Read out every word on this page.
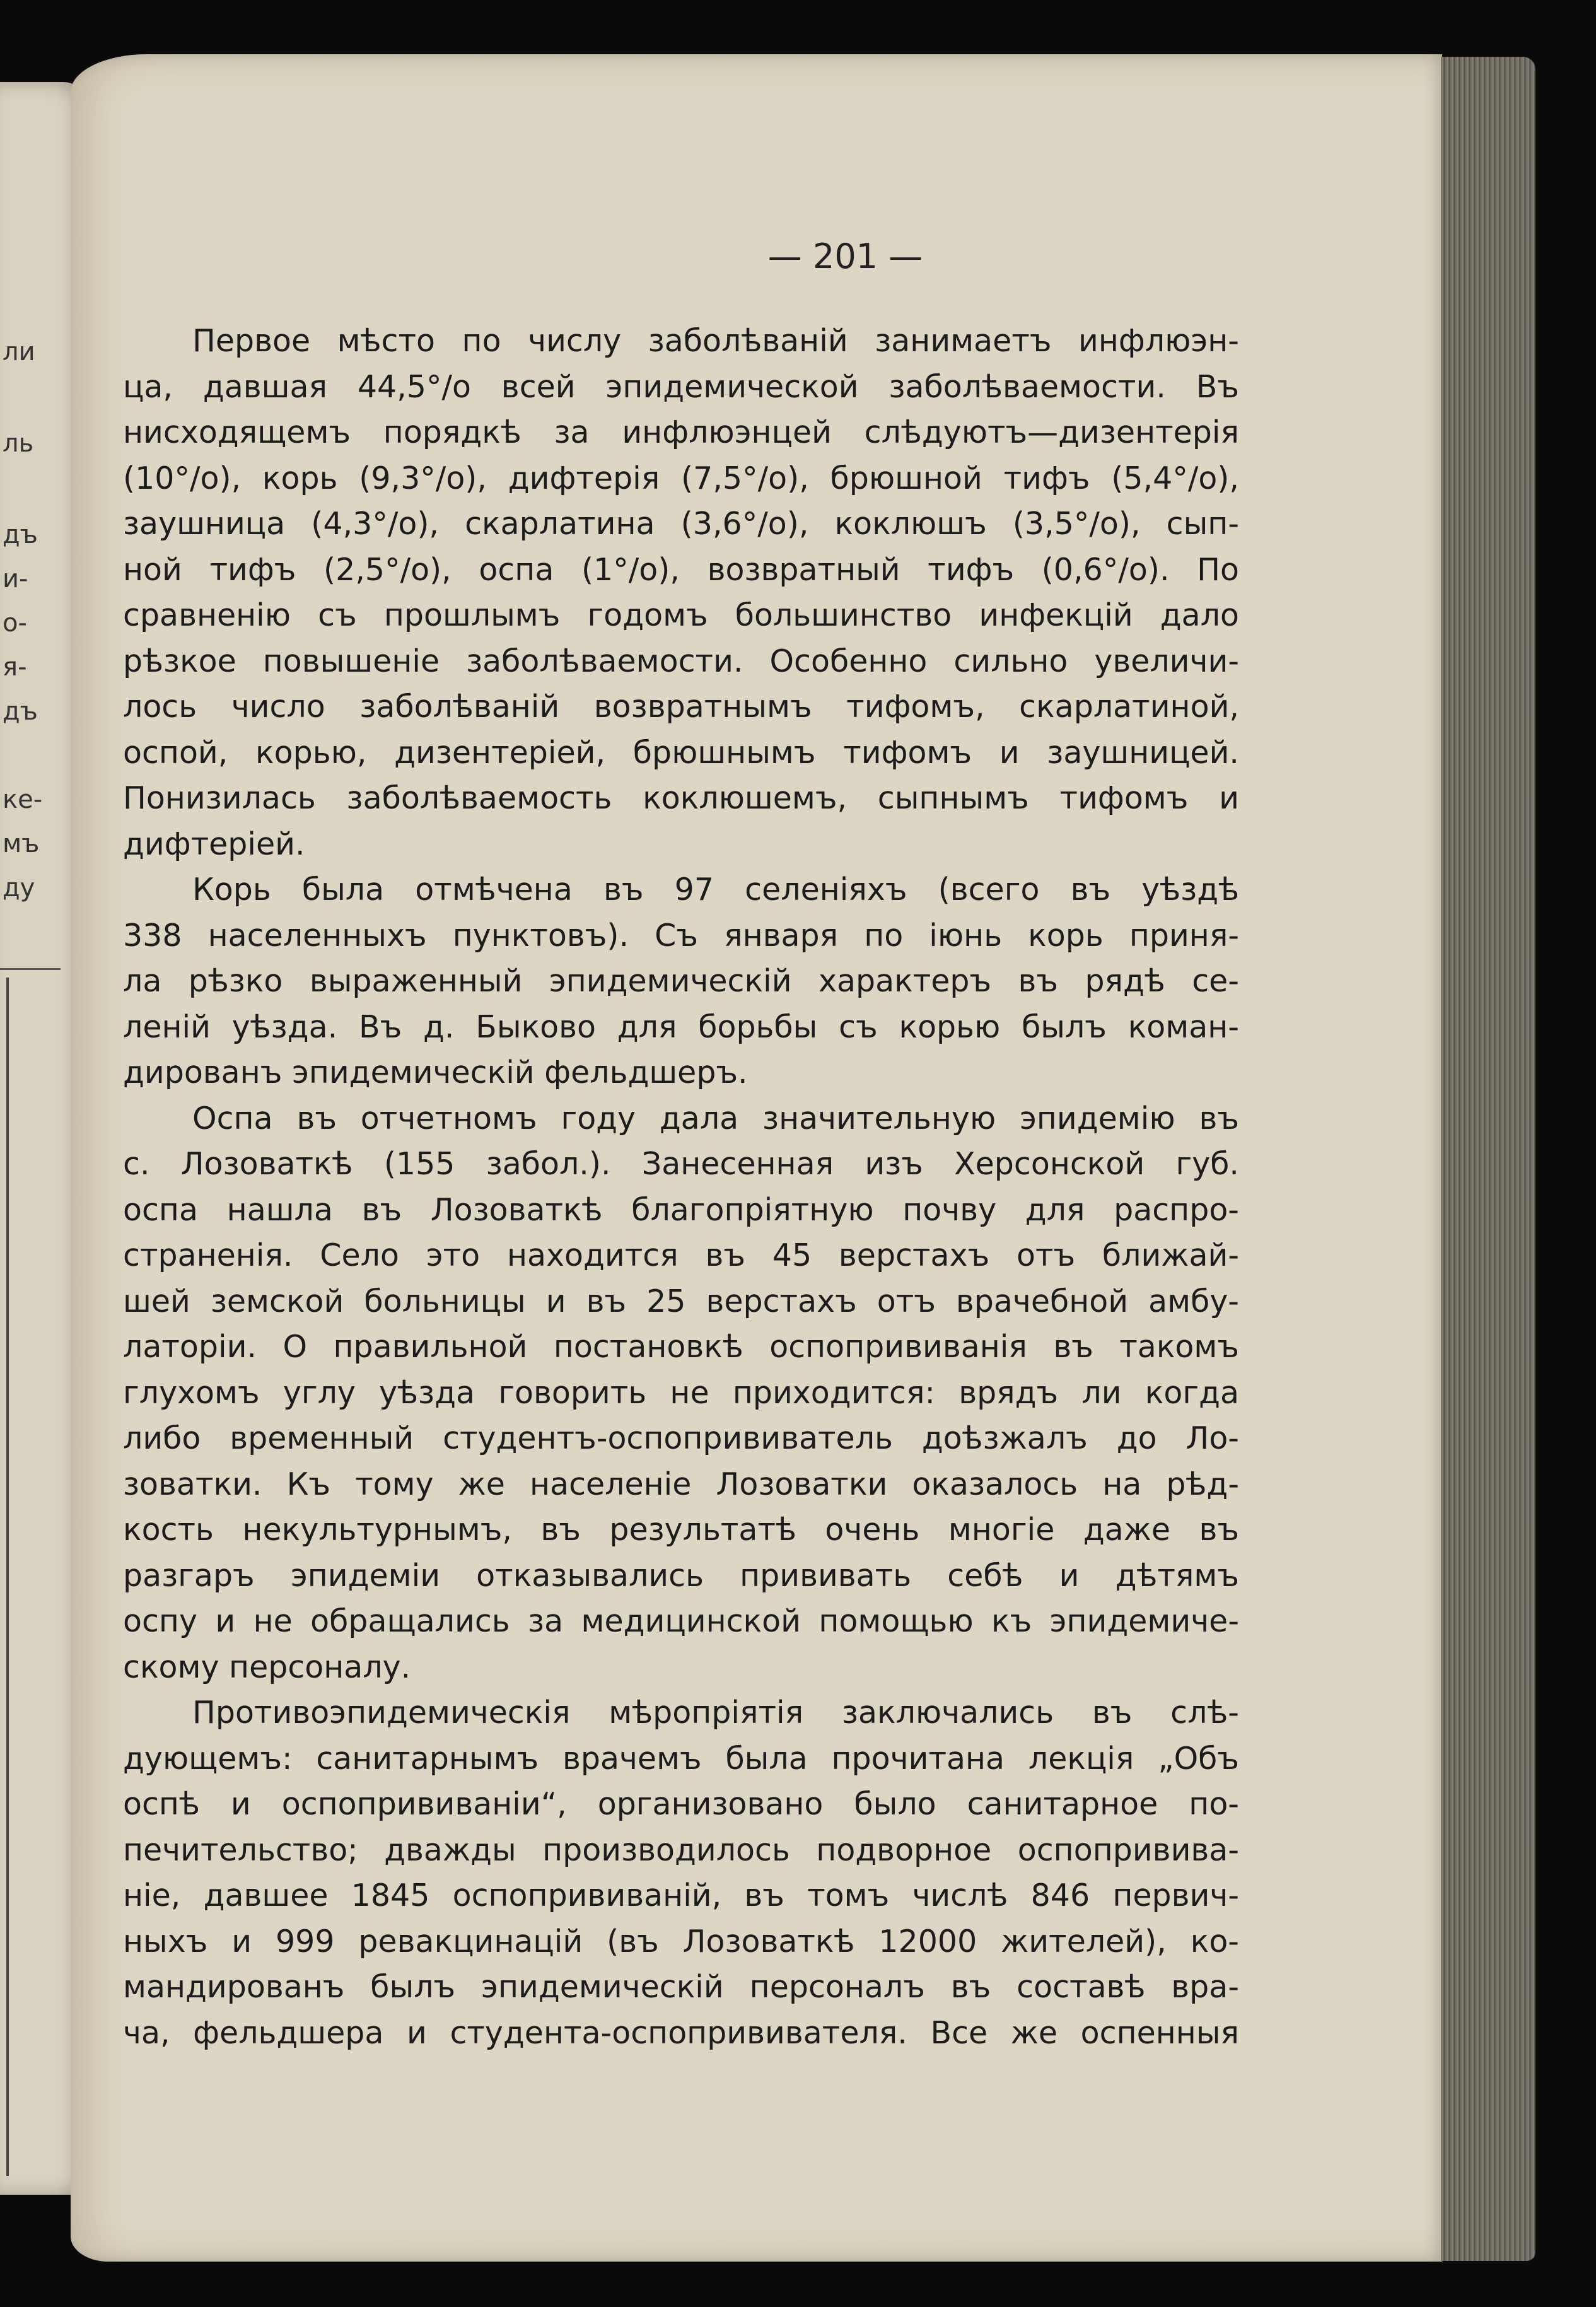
ли
ль
дъ
и-
о-
я-
дъ
ке-
мъ
ду
— 201 —
Первое мѣсто по числу заболѣваній занимаетъ инфлюэн-
ца, давшая 44,5°/о всей эпидемической заболѣваемости. Въ
нисходящемъ порядкѣ за инфлюэнцей слѣдуютъ—дизентерія
(10°/о), корь (9,3°/о), дифтерія (7,5°/о), брюшной тифъ (5,4°/о),
заушница (4,3°/о), скарлатина (3,6°/о), коклюшъ (3,5°/о), сып-
ной тифъ (2,5°/о), оспа (1°/о), возвратный тифъ (0,6°/о). По
сравненію съ прошлымъ годомъ большинство инфекцій дало
рѣзкое повышеніе заболѣваемости. Особенно сильно увеличи-
лось число заболѣваній возвратнымъ тифомъ, скарлатиной,
оспой, корью, дизентеріей, брюшнымъ тифомъ и заушницей.
Понизилась заболѣваемость коклюшемъ, сыпнымъ тифомъ и
дифтеріей.
Корь была отмѣчена въ 97 селеніяхъ (всего въ уѣздѣ
338 населенныхъ пунктовъ). Съ января по іюнь корь приня-
ла рѣзко выраженный эпидемическій характеръ въ рядѣ се-
леній уѣзда. Въ д. Быково для борьбы съ корью былъ коман-
дированъ эпидемическій фельдшеръ.
Оспа въ отчетномъ году дала значительную эпидемію въ
с. Лозоваткѣ (155 забол.). Занесенная изъ Херсонской губ.
оспа нашла въ Лозоваткѣ благопріятную почву для распро-
страненія. Село это находится въ 45 верстахъ отъ ближай-
шей земской больницы и въ 25 верстахъ отъ врачебной амбу-
латоріи. О правильной постановкѣ оспопрививанія въ такомъ
глухомъ углу уѣзда говорить не приходится: врядъ ли когда
либо временный студентъ-оспопрививатель доѣзжалъ до Ло-
зоватки. Къ тому же населеніе Лозоватки оказалось на рѣд-
кость некультурнымъ, въ результатѣ очень многіе даже въ
разгаръ эпидеміи отказывались прививать себѣ и дѣтямъ
оспу и не обращались за медицинской помощью къ эпидемиче-
скому персоналу.
Противоэпидемическія мѣропріятія заключались въ слѣ-
дующемъ: санитарнымъ врачемъ была прочитана лекція „Объ
оспѣ и оспопрививаніи“, организовано было санитарное по-
печительство; дважды производилось подворное оспопрививa-
ніе, давшее 1845 оспопрививаній, въ томъ числѣ 846 первич-
ныхъ и 999 ревакцинацій (въ Лозоваткѣ 12000 жителей), ко-
мандированъ былъ эпидемическій персоналъ въ составѣ вра-
ча, фельдшера и студента-оспопрививателя. Все же оспенныя
